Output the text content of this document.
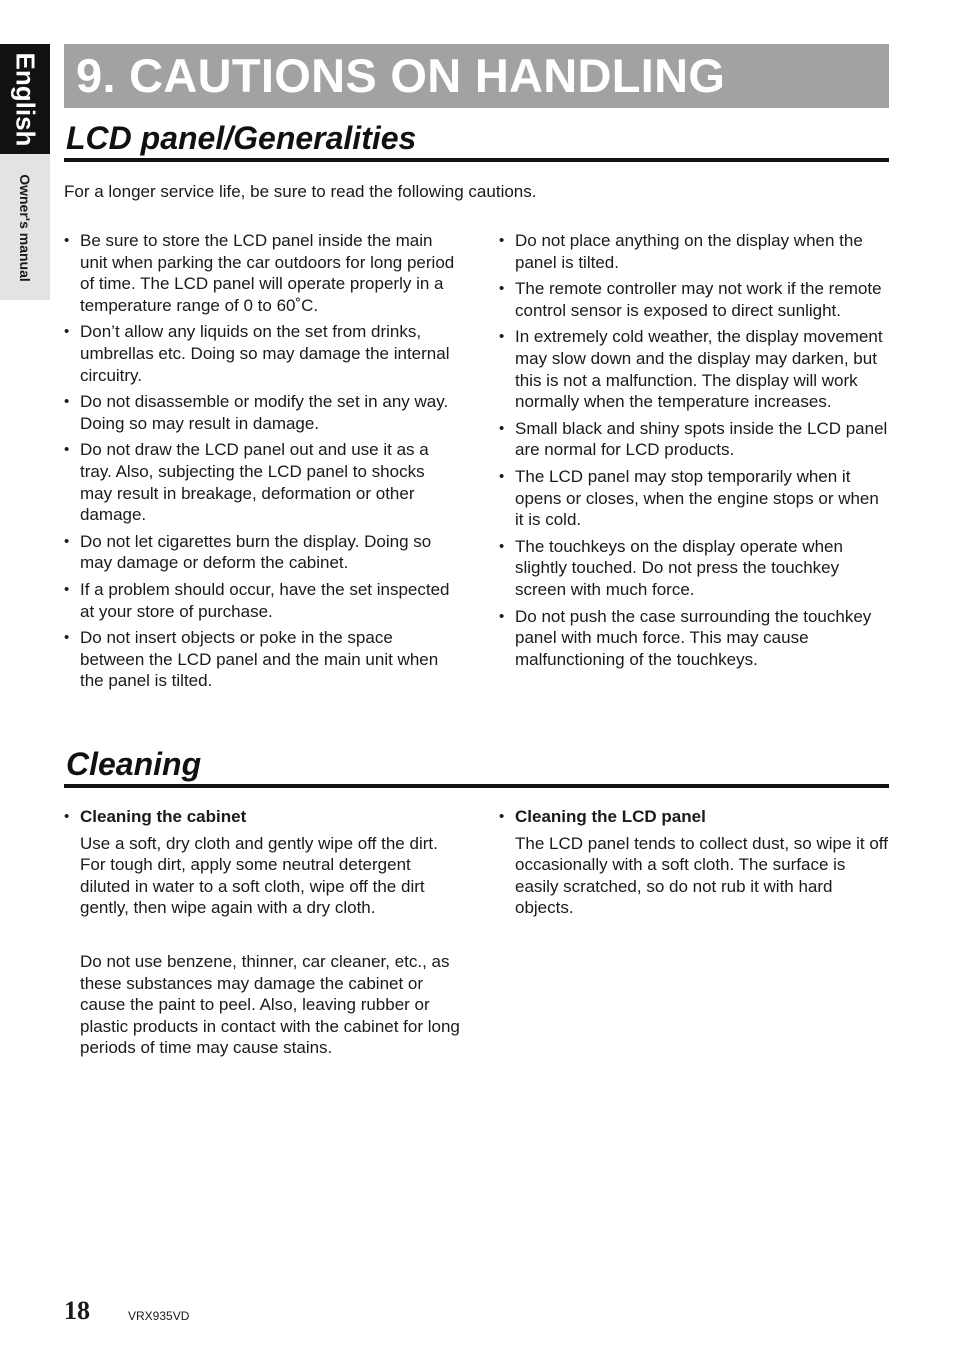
English
Owner's manual
9. CAUTIONS ON HANDLING
LCD panel/Generalities
For a longer service life, be sure to read the following cautions.
• Be sure to store the LCD panel inside the main unit when parking the car outdoors for long period of time. The LCD panel will operate properly in a temperature range of 0 to 60˚C.
• Don’t allow any liquids on the set from drinks, umbrellas etc. Doing so may damage the internal circuitry.
• Do not disassemble or modify the set in any way. Doing so may result in damage.
• Do not draw the LCD panel out and use it as a tray. Also, subjecting the LCD panel to shocks may result in breakage, deformation or other damage.
• Do not let cigarettes burn the display. Doing so may damage or deform the cabinet.
• If a problem should occur, have the set inspected at your store of purchase.
• Do not insert objects or poke in the space between the LCD panel and the main unit when the panel is tilted.
• Do not place anything on the display when the panel is tilted.
• The remote controller may not work if the remote control sensor is exposed to direct sunlight.
• In extremely cold weather, the display movement may slow down and the display may darken, but this is not a malfunction. The display will work normally when the temperature increases.
• Small black and shiny spots inside the LCD panel are normal for LCD products.
• The LCD panel may stop temporarily when it opens or closes, when the engine stops or when it is cold.
• The touchkeys on the display operate when slightly touched. Do not press the touchkey screen with much force.
• Do not push the case surrounding the touchkey panel with much force. This may cause malfunctioning of the touchkeys.
Cleaning
• Cleaning the cabinet

Use a soft, dry cloth and gently wipe off the dirt. For tough dirt, apply some neutral detergent diluted in water to a soft cloth, wipe off the dirt gently, then wipe again with a dry cloth.

Do not use benzene, thinner, car cleaner, etc., as these substances may damage the cabinet or cause the paint to peel. Also, leaving rubber or plastic products in contact with the cabinet for long periods of time may cause stains.

• Cleaning the LCD panel

The LCD panel tends to collect dust, so wipe it off occasionally with a soft cloth. The surface is easily scratched, so do not rub it with hard objects.

18	VRX935VD
